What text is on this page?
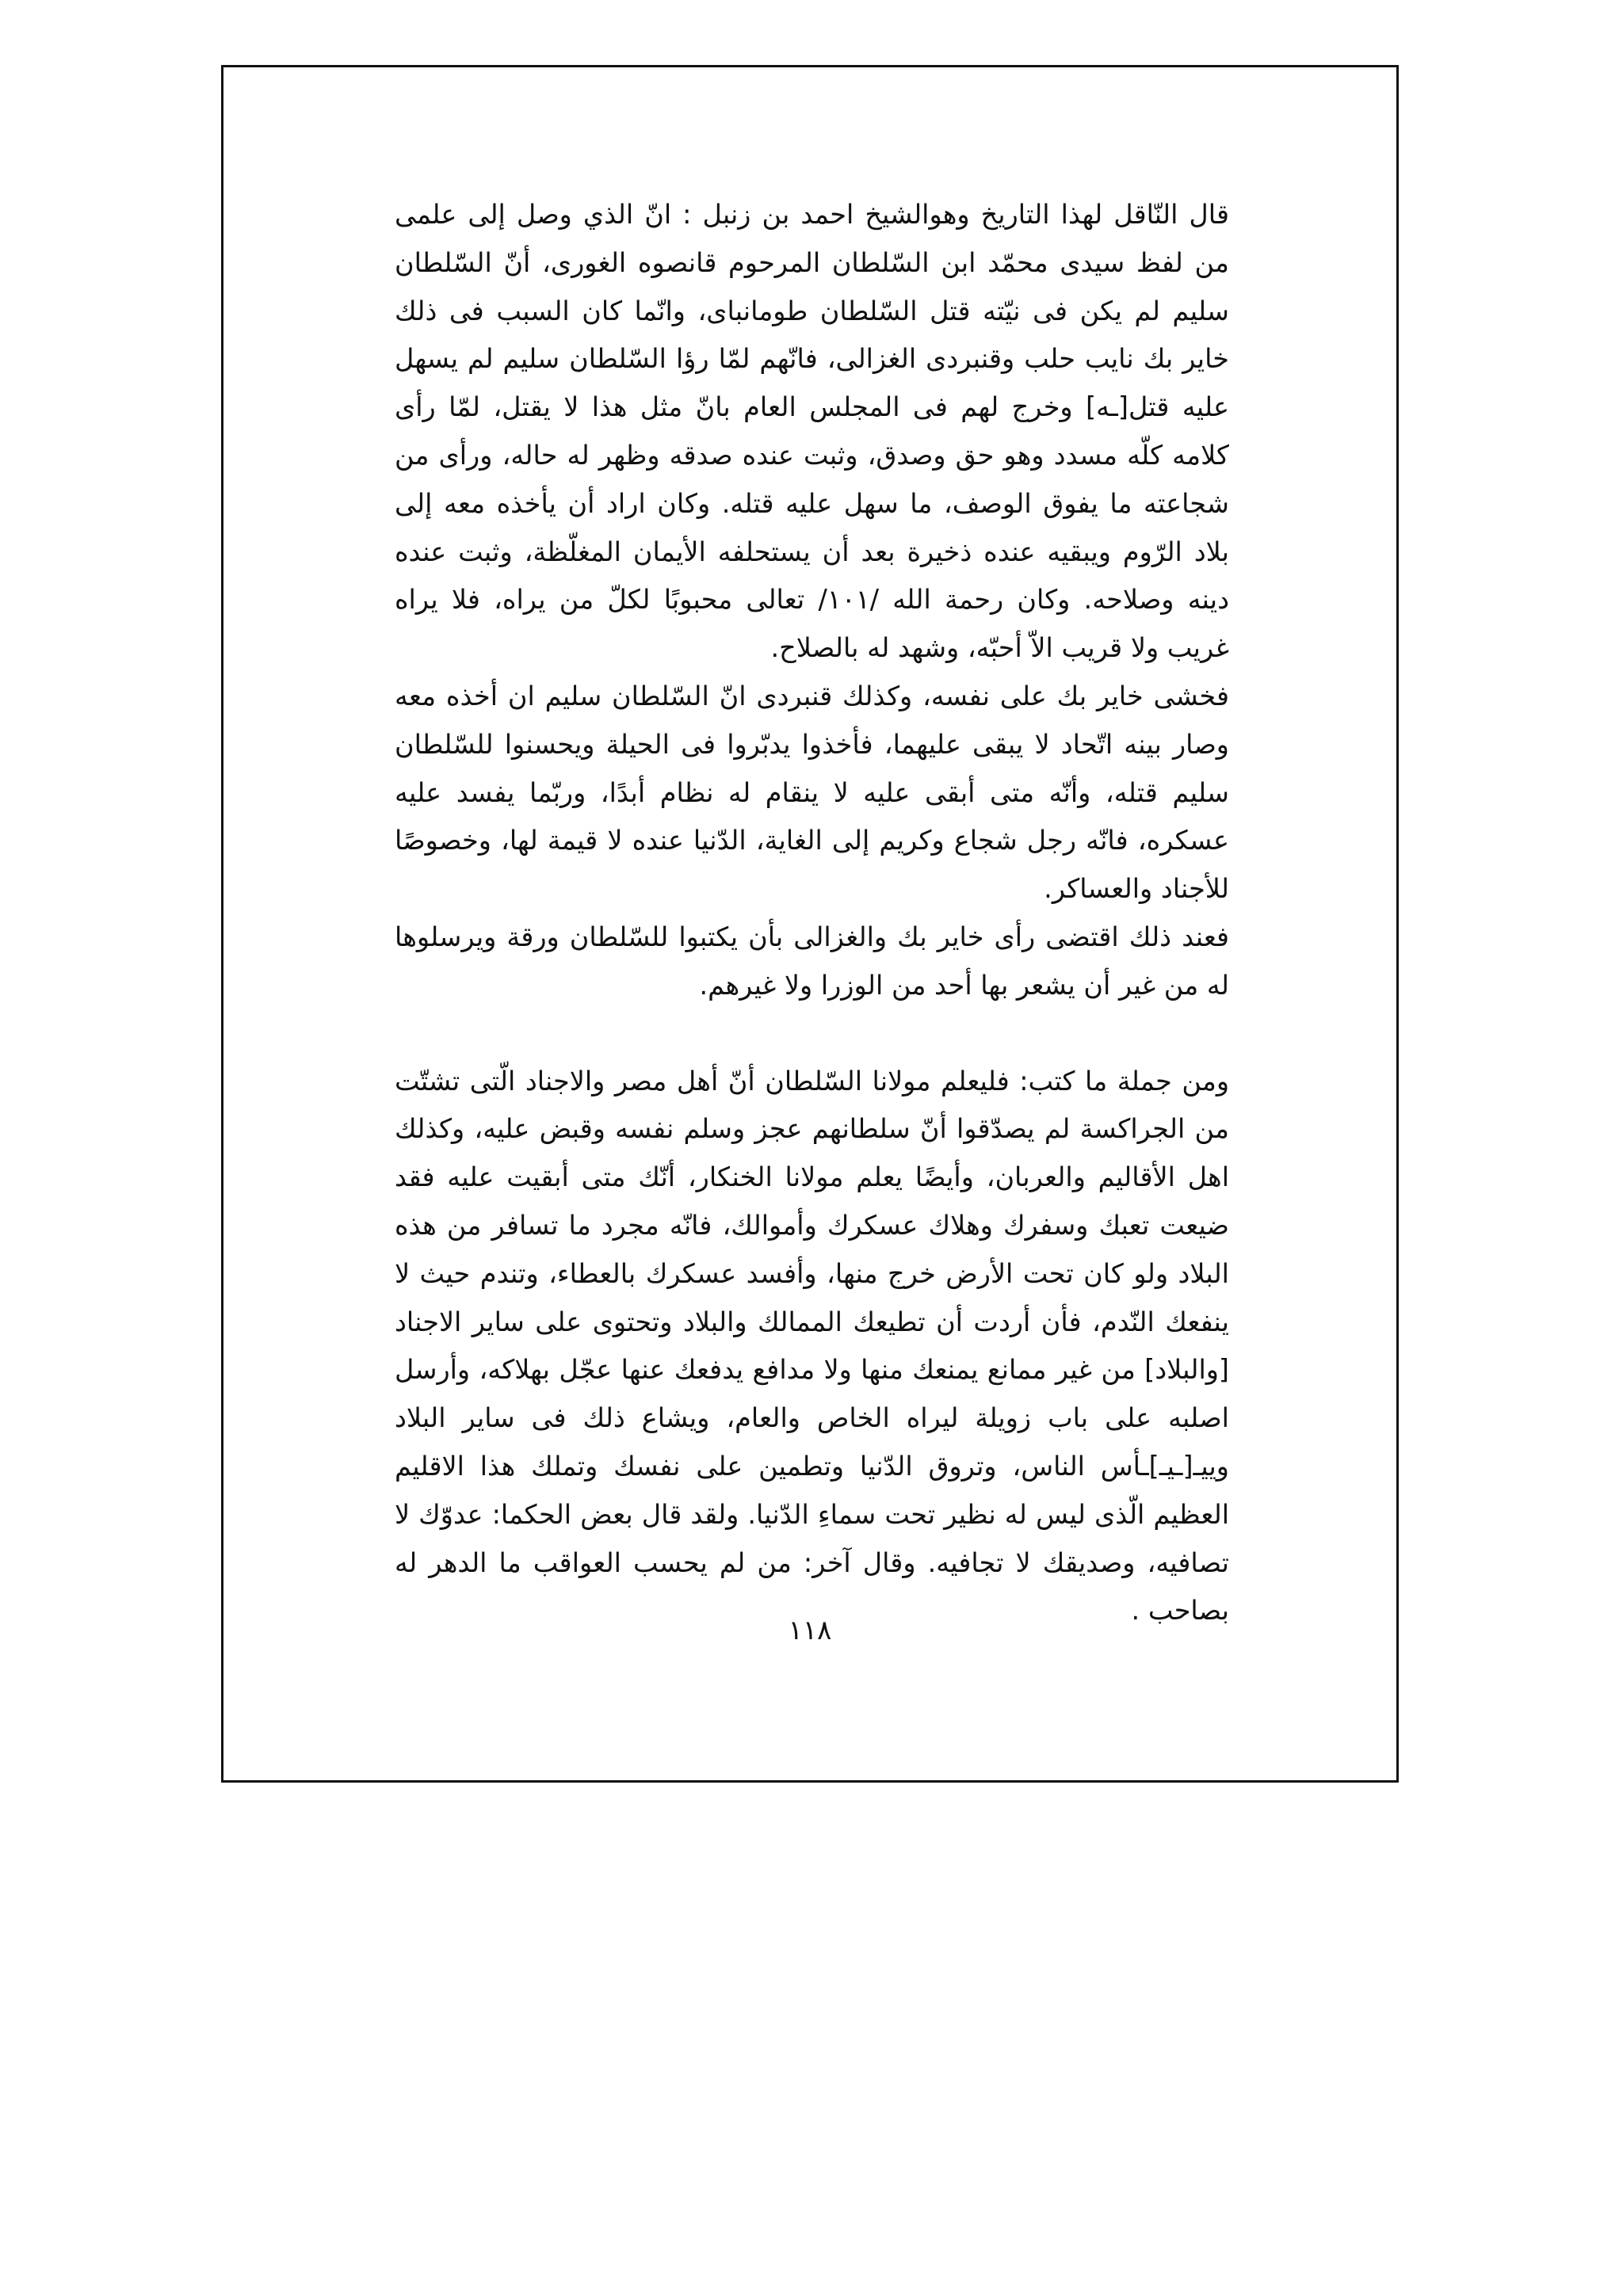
قال النّاقل لهذا التاريخ وهوالشيخ احمد بن زنبل : انّ الذي وصل إلى علمى من لفظ سيدى محمّد ابن السّلطان المرحوم قانصوه الغورى، أنّ السّلطان سليم لم يكن فى نيّته قتل السّلطان طومانباى، وانّما كان السبب فى ذلك خاير بك نايب حلب وقنبردى الغزالى، فانّهم لمّا رؤا السّلطان سليم لم يسهل عليه قتل[ـه] وخرج لهم فى المجلس العام بانّ مثل هذا لا يقتل، لمّا رأى كلامه كلّه مسدد وهو حق وصدق، وثبت عنده صدقه وظهر له حاله، ورأى من شجاعته ما يفوق الوصف، ما سهل عليه قتله. وكان اراد أن يأخذه معه إلى بلاد الرّوم ويبقيه عنده ذخيرة بعد أن يستحلفه الأيمان المغلّظة، وثبت عنده دينه وصلاحه. وكان رحمة الله /١٠١/ تعالى محبوبًا لكلّ من يراه، فلا يراه غريب ولا قريب الاّ أحبّه، وشهد له بالصلاح.

فخشى خاير بك على نفسه، وكذلك قنبردى انّ السّلطان سليم ان أخذه معه وصار بينه اتّحاد لا يبقى عليهما، فأخذوا يدبّروا فى الحيلة ويحسنوا للسّلطان سليم قتله، وأنّه متى أبقى عليه لا ينقام له نظام أبدًا، وربّما يفسد عليه عسكره، فانّه رجل شجاع وكريم إلى الغاية، الدّنيا عنده لا قيمة لها، وخصوصًا للأجناد والعساكر.

فعند ذلك اقتضى رأى خاير بك والغزالى بأن يكتبوا للسّلطان ورقة ويرسلوها له من غير أن يشعر بها أحد من الوزرا ولا غيرهم.

ومن جملة ما كتب: فليعلم مولانا السّلطان أنّ أهل مصر والاجناد الّتى تشتّت من الجراكسة لم يصدّقوا أنّ سلطانهم عجز وسلم نفسه وقبض عليه، وكذلك اهل الأقاليم والعربان، وأيضًا يعلم مولانا الخنكار، أنّك متى أبقيت عليه فقد ضيعت تعبك وسفرك وهلاك عسكرك وأموالك، فانّه مجرد ما تسافر من هذه البلاد ولو كان تحت الأرض خرج منها، وأفسد عسكرك بالعطاء، وتندم حيث لا ينفعك النّدم، فأن أردت أن تطيعك الممالك والبلاد وتحتوى على ساير الاجناد [والبلاد] من غير ممانع يمنعك منها ولا مدافع يدفعك عنها عجّل بهلاكه، وأرسل اصلبه على باب زويلة ليراه الخاص والعام، ويشاع ذلك فى ساير البلاد وييـ[ـيـ]ـأس الناس، وتروق الدّنيا وتطمين على نفسك وتملك هذا الاقليم العظيم الّذى ليس له نظير تحت سماءِ الدّنيا. ولقد قال بعض الحكما: عدوّك لا تصافيه، وصديقك لا تجافيه. وقال آخر: من لم يحسب العواقب ما الدهر له بصاحب .

١١٨
